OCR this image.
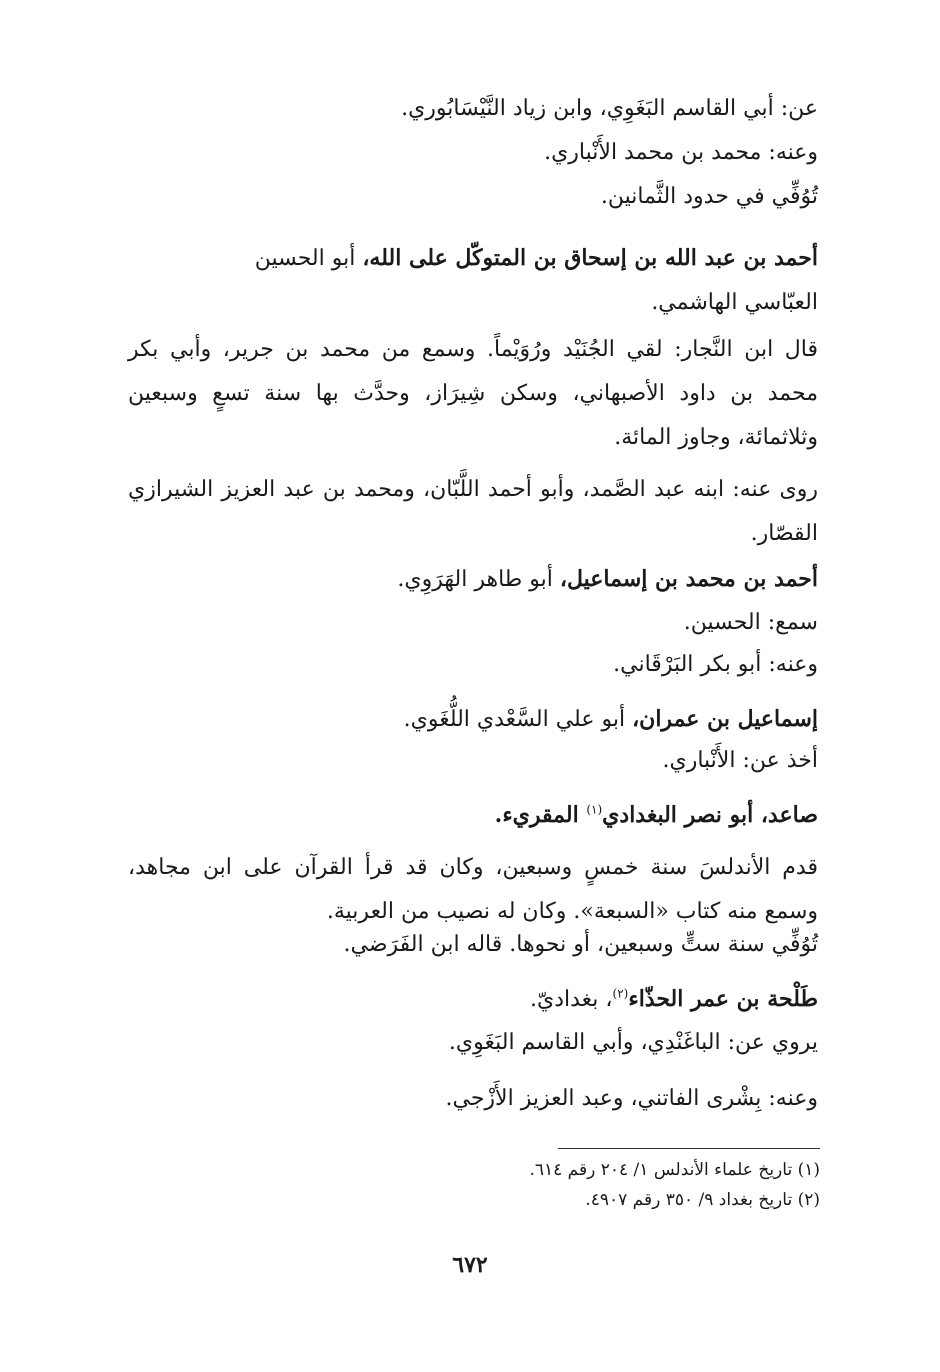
عن: أبي القاسم البَغَوِي، وابن زياد النَّيْسَابُوري.
وعنه: محمد بن محمد الأَنْباري.
تُوُفِّي في حدود الثَّمانين.
أحمد بن عبد الله بن إسحاق بن المتوكّل على الله، أبو الحسين
العبّاسي الهاشمي.
قال ابن النَّجار: لقي الجُنَيْد ورُوَيْماً. وسمع من محمد بن جرير، وأبي بكر محمد بن داود الأصبهاني، وسكن شِيرَاز، وحدَّث بها سنة تسعٍ وسبعين وثلاثمائة، وجاوز المائة.
روى عنه: ابنه عبد الصَّمد، وأبو أحمد اللَّبّان، ومحمد بن عبد العزيز الشيرازي القصّار.
أحمد بن محمد بن إسماعيل، أبو طاهر الهَرَوِي.
سمع: الحسين.
وعنه: أبو بكر البَرْقَاني.
إسماعيل بن عمران، أبو علي السَّعْدي اللُّغَوي.
أخذ عن: الأَنْباري.
صاعد، أبو نصر البغدادي$^{(١)}$ المقريء.
قدم الأندلسَ سنة خمسٍ وسبعين، وكان قد قرأ القرآن على ابن مجاهد، وسمع منه كتاب «السبعة». وكان له نصيب من العربية.
تُوُفِّي سنة ستٍّ وسبعين، أو نحوها. قاله ابن الفَرَضي.
طَلْحة بن عمر الحذّاء$^{(٢)}$، بغداديّ.
يروي عن: الباغَنْدِي، وأبي القاسم البَغَوِي.
وعنه: بِشْرى الفاتني، وعبد العزيز الأَزْجي.
(١) تاريخ علماء الأندلس ١/ ٢٠٤ رقم ٦١٤.
(٢) تاريخ بغداد ٩/ ٣٥٠ رقم ٤٩٠٧.
٦٧٢
